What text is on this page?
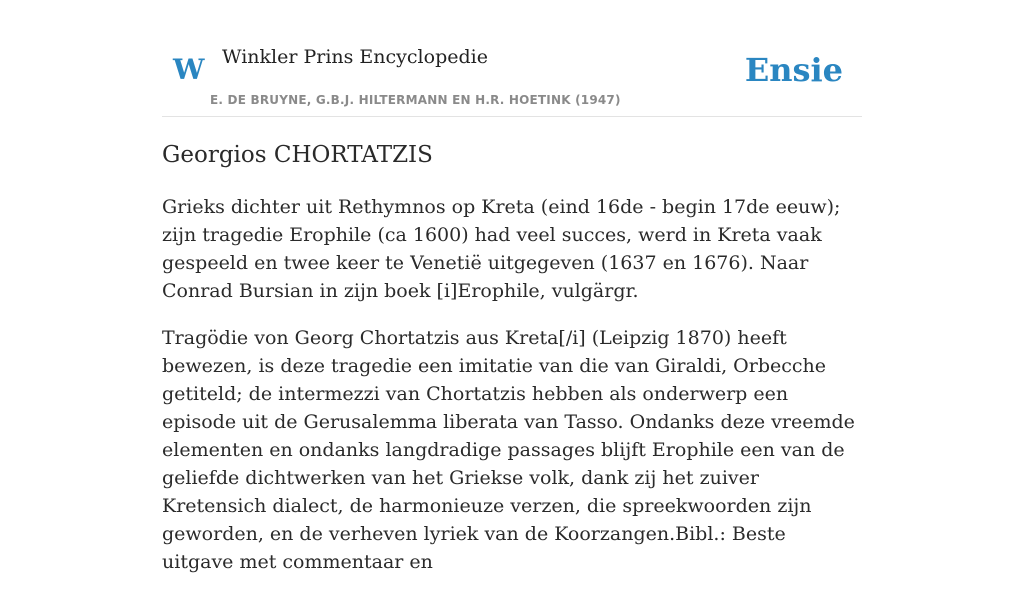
W Winkler Prins Encyclopedie
E. DE BRUYNE, G.B.J. HILTERMANN EN H.R. HOETINK (1947)
Ensie
Georgios CHORTATZIS

Grieks dichter uit Rethymnos op Kreta (eind 16de - begin 17de eeuw); zijn tragedie Erophile (ca 1600) had veel succes, werd in Kreta vaak gespeeld en twee keer te Venetië uitgegeven (1637 en 1676). Naar Conrad Bursian in zijn boek [i]Erophile, vulgärgr.

Tragödie von Georg Chortatzis aus Kreta[/i] (Leipzig 1870) heeft bewezen, is deze tragedie een imitatie van die van Giraldi, Orbecche getiteld; de intermezzi van Chortatzis hebben als onderwerp een episode uit de Gerusalemma liberata van Tasso. Ondanks deze vreemde elementen en ondanks langdradige passages blijft Erophile een van de geliefde dichtwerken van het Griekse volk, dank zij het zuiver Kretensich dialect, de harmonieuze verzen, die spreekwoorden zijn geworden, en de verheven lyriek van de Koorzangen.Bibl.: Beste uitgave met commentaar en
